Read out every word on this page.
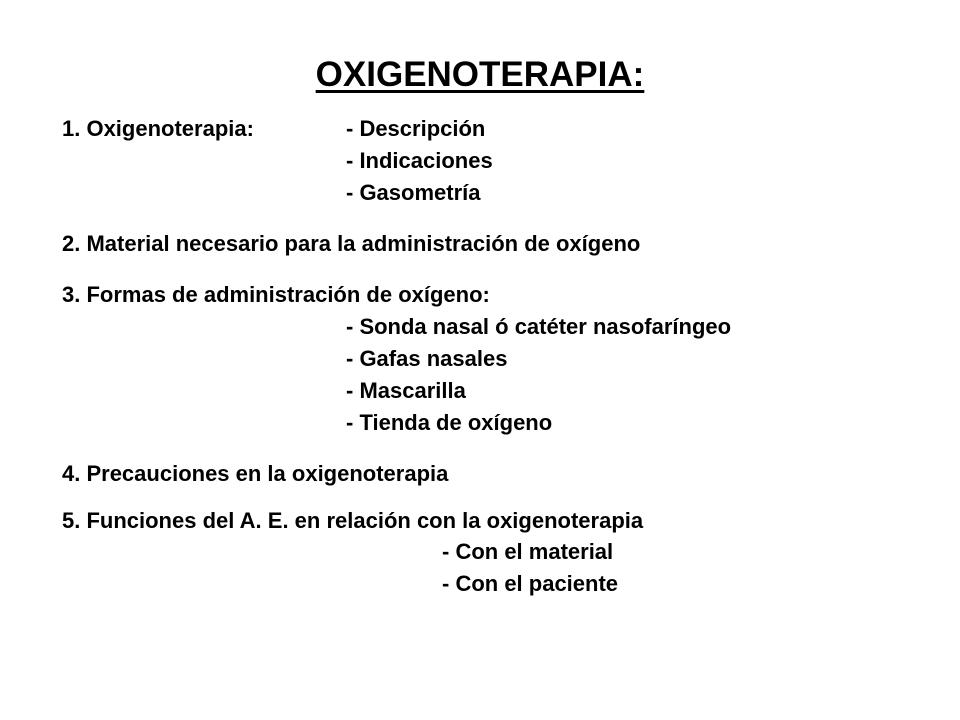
OXIGENOTERAPIA:
1. Oxigenoterapia:	- Descripción
- Indicaciones
- Gasometría
2. Material necesario para la administración de oxígeno
3. Formas de administración de oxígeno:
- Sonda nasal ó catéter nasofaríngeo
- Gafas nasales
- Mascarilla
- Tienda de oxígeno
4. Precauciones en la oxigenoterapia
5. Funciones del A. E. en relación con la oxigenoterapia
- Con el material
- Con el paciente
